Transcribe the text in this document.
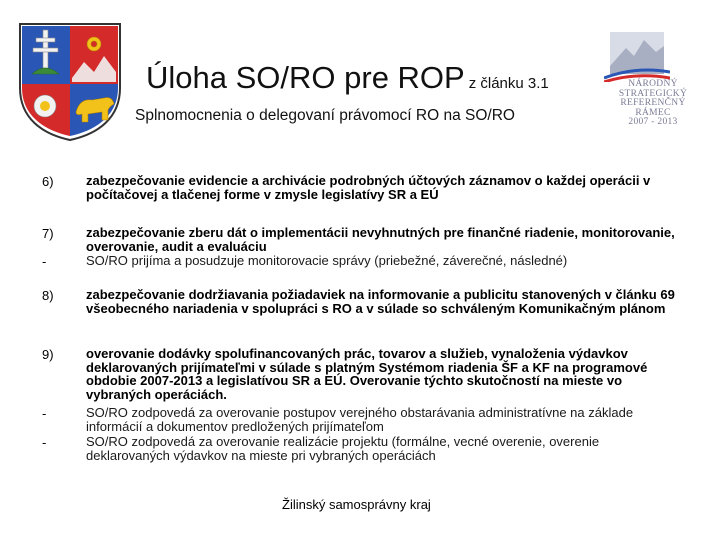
NÁRODNÝ
STRATEGICKÝ
REFERENČNÝ
RÁMEC
2007 - 2013
Úloha SO/RO pre ROP z článku 3.1
Splnomocnenia o delegovaní právomocí RO na SO/RO
6) zabezpečovanie evidencie a archivácie podrobných účtových záznamov o každej operácii v počítačovej a tlačenej forme v zmysle legislatívy SR a EÚ
7) zabezpečovanie zberu dát o implementácii nevyhnutných pre finančné riadenie, monitorovanie, overovanie, audit a evaluáciu
-	SO/RO prijíma a posudzuje monitorovacie správy (priebežné, záverečné, následné)
8) zabezpečovanie dodržiavania požiadaviek na informovanie a publicitu stanovených v článku 69 všeobecného nariadenia v spolupráci s RO a v súlade so schváleným Komunikačným plánom
9) overovanie dodávky spolufinancovaných prác, tovarov a služieb, vynaloženia výdavkov deklarovaných prijímateľmi v súlade s platným Systémom riadenia ŠF a KF na programové obdobie 2007-2013 a legislatívou SR a EÚ. Overovanie týchto skutočností na mieste vo vybraných operáciách.
-	SO/RO zodpovedá za overovanie postupov verejného obstarávania administratívne na základe informácií a dokumentov predložených prijímateľom
-	SO/RO zodpovedá za overovanie realizácie projektu (formálne, vecné overenie, overenie deklarovaných výdavkov na mieste pri vybraných operáciách
Žilinský samosprávny kraj
